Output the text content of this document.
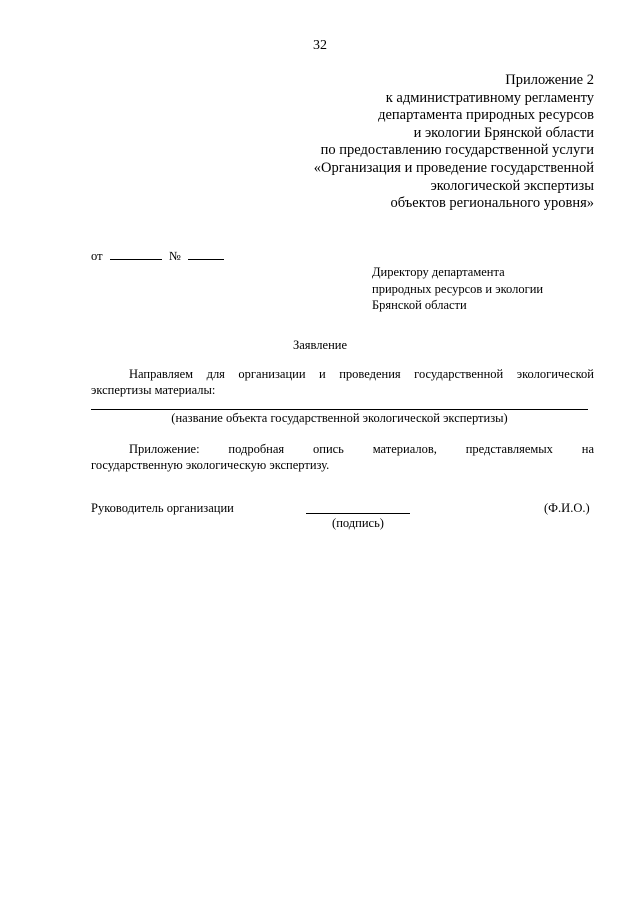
32
Приложение 2
к административному регламенту
департамента природных ресурсов
и экологии Брянской области
по предоставлению государственной услуги
«Организация и проведение государственной
экологической экспертизы
объектов регионального уровня»
от	№
Директору департамента
природных ресурсов и экологии
Брянской области
Заявление
Направляем для организации и проведения государственной экологической
экспертизы материалы:
(название объекта государственной экологической экспертизы)
Приложение: подробная опись материалов, представляемых на
государственную экологическую экспертизу.
Руководитель организации
(подпись)
(Ф.И.О.)
